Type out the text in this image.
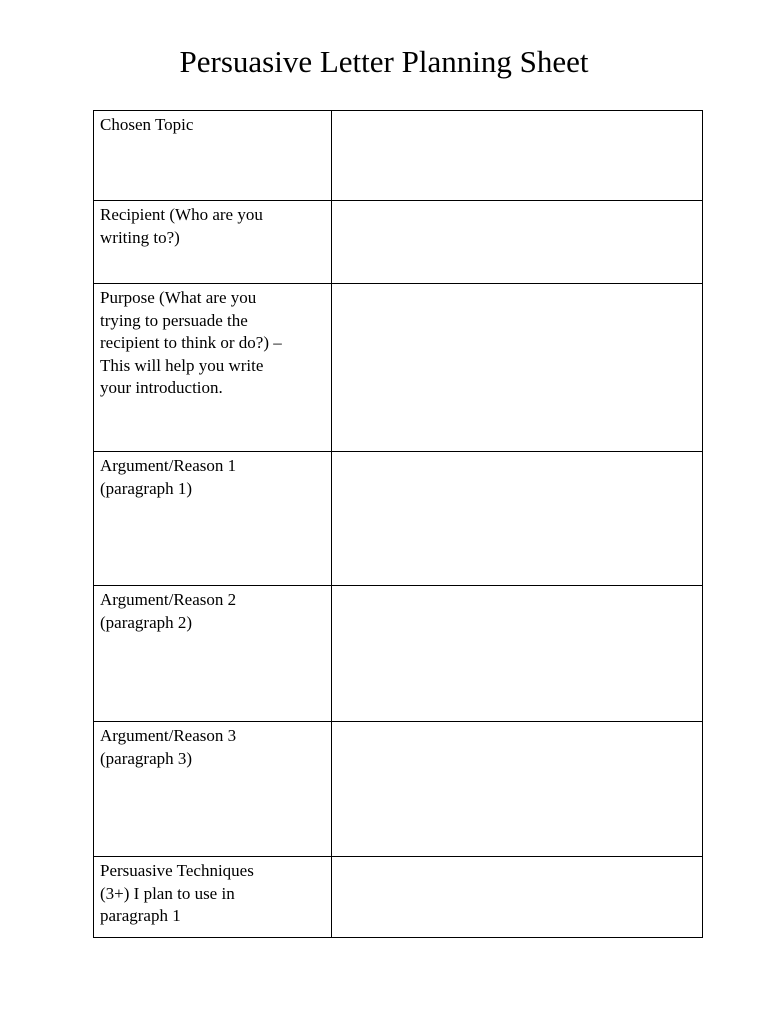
Persuasive Letter Planning Sheet
Chosen Topic	

Recipient (Who are you
writing to?)	

Purpose (What are you
trying to persuade the
recipient to think or do?) –
This will help you write
your introduction.	

Argument/Reason 1
(paragraph 1)	

Argument/Reason 2
(paragraph 2)	

Argument/Reason 3
(paragraph 3)	

Persuasive Techniques
(3+) I plan to use in
paragraph 1	
